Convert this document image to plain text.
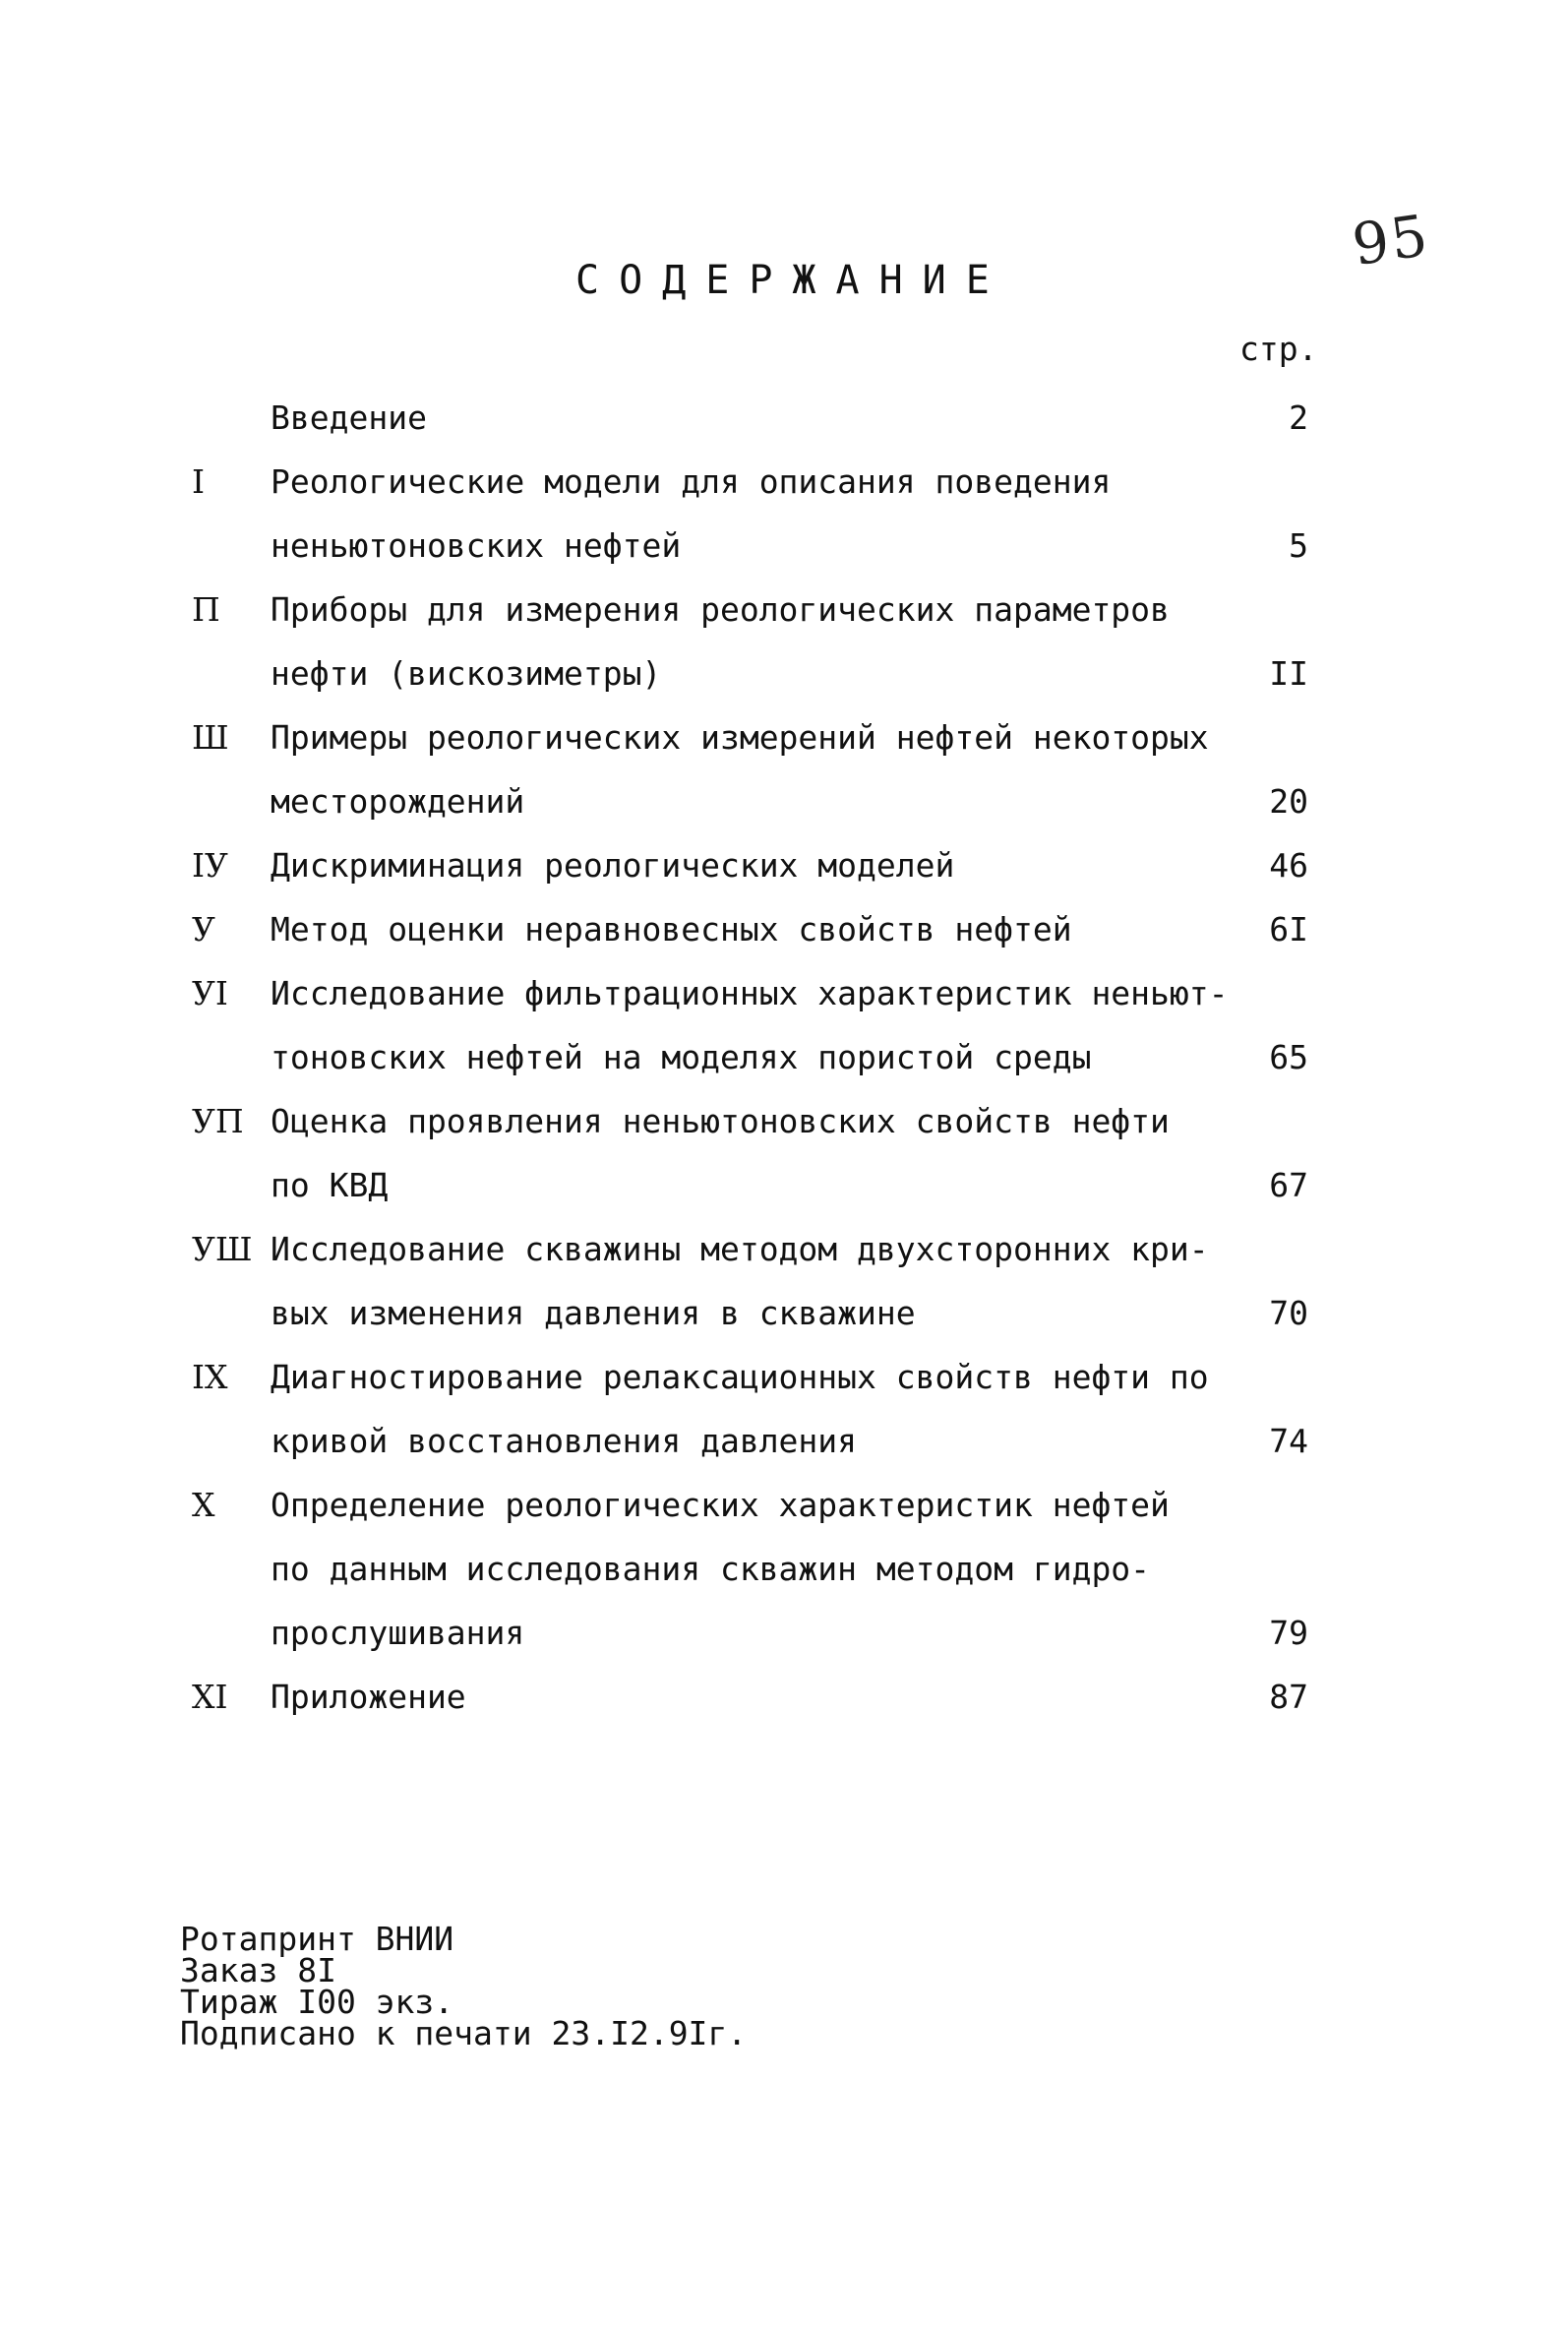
95
СОДЕРЖАНИЕ
стр.
Введение	2
I	Реологические модели для описания поведения
неньютоновских нефтей	5
П	Приборы для измерения реологических параметров
нефти (вискозиметры)	II
Ш	Примеры реологических измерений нефтей некоторых
месторождений	20
IУ	Дискриминация реологических моделей	46
У	Метод оценки неравновесных свойств нефтей	6I
УI	Исследование фильтрационных характеристик неньют-
тоновских нефтей на моделях пористой среды	65
УП Оценка проявления неньютоновских свойств нефти
по КВД	67
УШ Исследование скважины методом двухсторонних кри-
вых изменения давления в скважине	70
IX	Диагностирование релаксационных свойств нефти по
кривой восстановления давления	74
X	Определение реологических характеристик нефтей
по данным исследования скважин методом гидро-
прослушивания	79
XI	Приложение	87
Ротапринт ВНИИ
Заказ 8I
Тираж I00 экз.
Подписано к печати 23.I2.9Iг.
